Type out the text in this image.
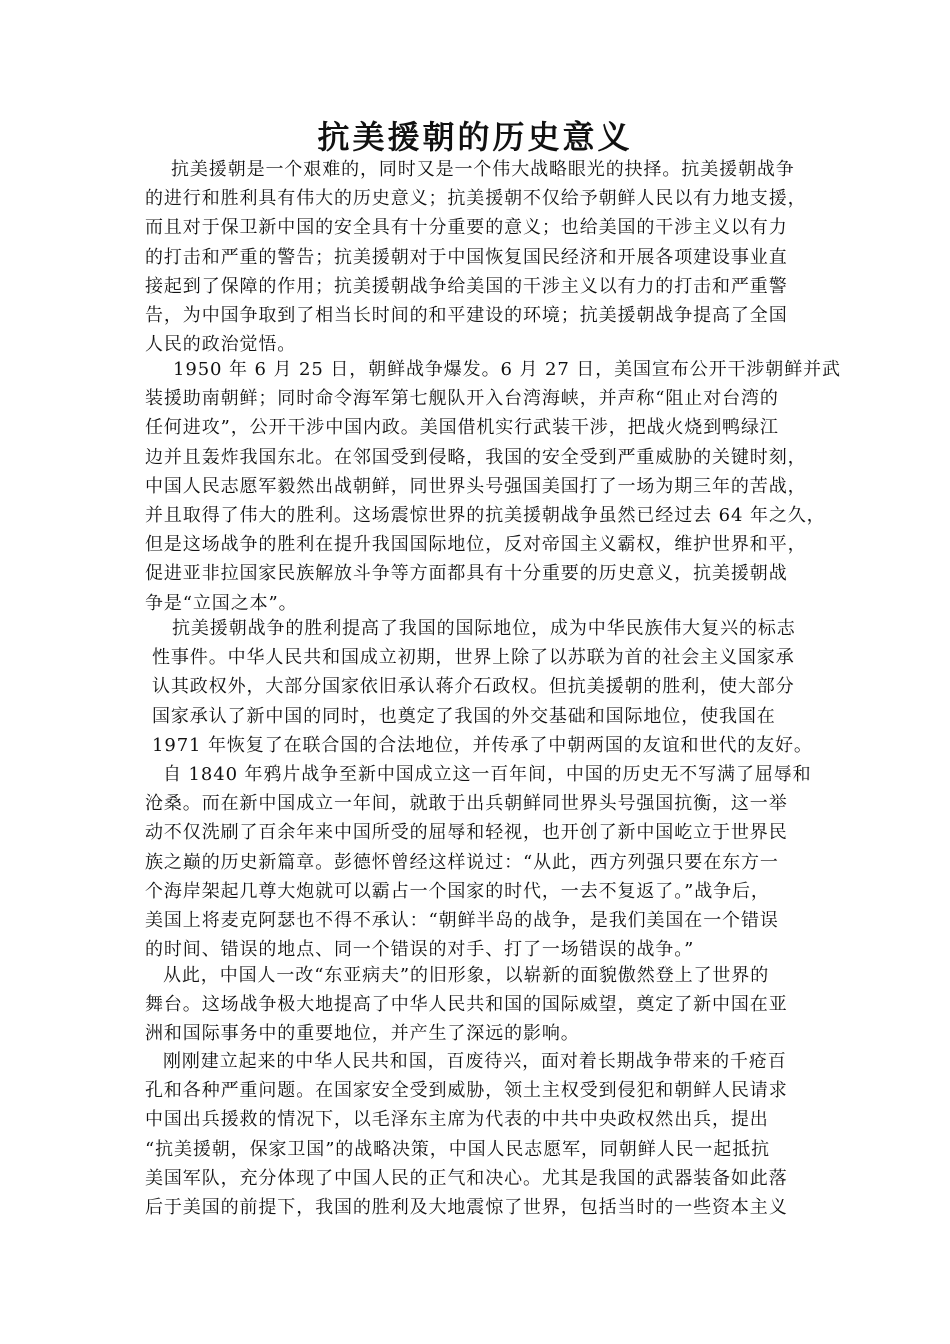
抗美援朝的历史意义
抗美援朝是一个艰难的，同时又是一个伟大战略眼光的抉择。抗美援朝战争
的进行和胜利具有伟大的历史意义；抗美援朝不仅给予朝鲜人民以有力地支援，
而且对于保卫新中国的安全具有十分重要的意义；也给美国的干涉主义以有力
的打击和严重的警告；抗美援朝对于中国恢复国民经济和开展各项建设事业直
接起到了保障的作用；抗美援朝战争给美国的干涉主义以有力的打击和严重警
告，为中国争取到了相当长时间的和平建设的环境；抗美援朝战争提高了全国
人民的政治觉悟。
1950 年 6 月 25 日，朝鲜战争爆发。6 月 27 日，美国宣布公开干涉朝鲜并武
装援助南朝鲜；同时命令海军第七舰队开入台湾海峡，并声称“阻止对台湾的
任何进攻”，公开干涉中国内政。美国借机实行武装干涉，把战火烧到鸭绿江
边并且轰炸我国东北。在邻国受到侵略，我国的安全受到严重威胁的关键时刻，
中国人民志愿军毅然出战朝鲜，同世界头号强国美国打了一场为期三年的苦战，
并且取得了伟大的胜利。这场震惊世界的抗美援朝战争虽然已经过去 64 年之久，
但是这场战争的胜利在提升我国国际地位，反对帝国主义霸权，维护世界和平，
促进亚非拉国家民族解放斗争等方面都具有十分重要的历史意义，抗美援朝战
争是“立国之本”。
抗美援朝战争的胜利提高了我国的国际地位，成为中华民族伟大复兴的标志
性事件。中华人民共和国成立初期，世界上除了以苏联为首的社会主义国家承
认其政权外，大部分国家依旧承认蒋介石政权。但抗美援朝的胜利，使大部分
国家承认了新中国的同时，也奠定了我国的外交基础和国际地位，使我国在
1971 年恢复了在联合国的合法地位，并传承了中朝两国的友谊和世代的友好。
自 1840 年鸦片战争至新中国成立这一百年间，中国的历史无不写满了屈辱和
沧桑。而在新中国成立一年间，就敢于出兵朝鲜同世界头号强国抗衡，这一举
动不仅洗刷了百余年来中国所受的屈辱和轻视，也开创了新中国屹立于世界民
族之巅的历史新篇章。彭德怀曾经这样说过：“从此，西方列强只要在东方一
个海岸架起几尊大炮就可以霸占一个国家的时代，一去不复返了。”战争后，
美国上将麦克阿瑟也不得不承认：“朝鲜半岛的战争，是我们美国在一个错误
的时间、错误的地点、同一个错误的对手、打了一场错误的战争。”
从此，中国人一改“东亚病夫”的旧形象，以崭新的面貌傲然登上了世界的
舞台。这场战争极大地提高了中华人民共和国的国际威望，奠定了新中国在亚
洲和国际事务中的重要地位，并产生了深远的影响。
刚刚建立起来的中华人民共和国，百废待兴，面对着长期战争带来的千疮百
孔和各种严重问题。在国家安全受到威胁，领土主权受到侵犯和朝鲜人民请求
中国出兵援救的情况下，以毛泽东主席为代表的中共中央政权然出兵，提出
“抗美援朝，保家卫国”的战略决策，中国人民志愿军，同朝鲜人民一起抵抗
美国军队，充分体现了中国人民的正气和决心。尤其是我国的武器装备如此落
后于美国的前提下，我国的胜利及大地震惊了世界，包括当时的一些资本主义
